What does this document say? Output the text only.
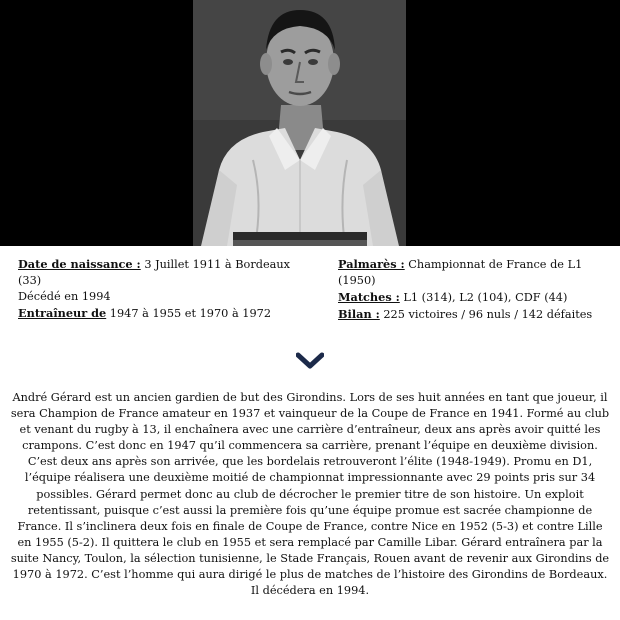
Date de naissance : 3 Juillet 1911 à Bordeaux (33)
Décédé en 1994
Entraîneur de 1947 à 1955 et 1970 à 1972
Palmarès : Championnat de France de L1 (1950)
Matches : L1 (314), L2 (104), CDF (44)
Bilan : 225 victoires / 96 nuls / 142 défaites

André Gérard est un ancien gardien de but des Girondins. Lors de ses huit années en tant que joueur, il sera Champion de France amateur en 1937 et vainqueur de la Coupe de France en 1941. Formé au club et venant du rugby à 13, il enchaînera avec une carrière d’entraîneur, deux ans après avoir quitté les crampons. C’est donc en 1947 qu’il commencera sa carrière, prenant l’équipe en deuxième division. C’est deux ans après son arrivée, que les bordelais retrouveront l’élite (1948-1949). Promu en D1, l’équipe réalisera une deuxième moitié de championnat impressionnante avec 29 points pris sur 34 possibles. Gérard permet donc au club de décrocher le premier titre de son histoire. Un exploit retentissant, puisque c’est aussi la première fois qu’une équipe promue est sacrée championne de France. Il s’inclinera deux fois en finale de Coupe de France, contre Nice en 1952 (5-3) et contre Lille en 1955 (5-2). Il quittera le club en 1955 et sera remplacé par Camille Libar. Gérard entraînera par la suite Nancy, Toulon, la sélection tunisienne, le Stade Français, Rouen avant de revenir aux Girondins de 1970 à 1972. C’est l’homme qui aura dirigé le plus de matches de l’histoire des Girondins de Bordeaux. Il décédera en 1994.
